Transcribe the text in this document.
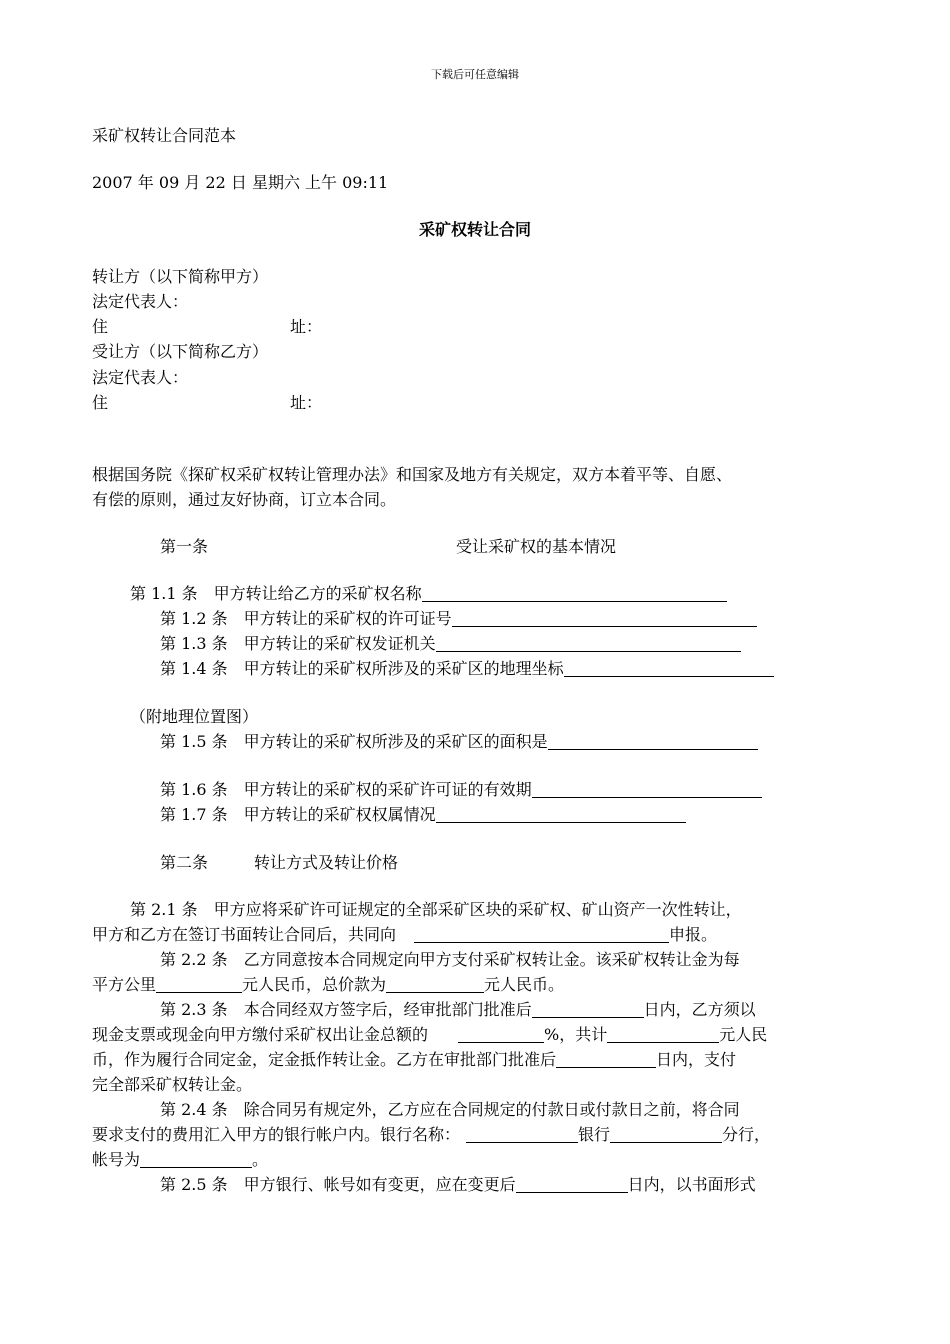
下载后可任意编辑
采矿权转让合同范本
2007 年 09 月 22 日 星期六 上午 09:11
采矿权转让合同
转让方（以下简称甲方）
法定代表人：
住	址：
受让方（以下简称乙方）
法定代表人：
住	址：
根据国务院《探矿权采矿权转让管理办法》和国家及地方有关规定，双方本着平等、自愿、
有偿的原则，通过友好协商，订立本合同。
第一条	受让采矿权的基本情况
第 1.1 条　甲方转让给乙方的采矿权名称
第 1.2 条　甲方转让的采矿权的许可证号
第 1.3 条　甲方转让的采矿权发证机关
第 1.4 条　甲方转让的采矿权所涉及的采矿区的地理坐标
（附地理位置图）
第 1.5 条　甲方转让的采矿权所涉及的采矿区的面积是
第 1.6 条　甲方转让的采矿权的采矿许可证的有效期
第 1.7 条　甲方转让的采矿权权属情况
第二条	转让方式及转让价格
第 2.1 条　甲方应将采矿许可证规定的全部采矿区块的采矿权、矿山资产一次性转让，
甲方和乙方在签订书面转让合同后，共同向	申报。
第 2.2 条　乙方同意按本合同规定向甲方支付采矿权转让金。该采矿权转让金为每
平方公里	元人民币，总价款为	元人民币。
第 2.3 条　本合同经双方签字后，经审批部门批准后	日内，乙方须以
现金支票或现金向甲方缴付采矿权出让金总额的	%，共计	元人民
币，作为履行合同定金，定金抵作转让金。乙方在审批部门批准后	日内，支付
完全部采矿权转让金。
第 2.4 条　除合同另有规定外，乙方应在合同规定的付款日或付款日之前，将合同
要求支付的费用汇入甲方的银行帐户内。银行名称：	银行	分行，
帐号为	。
第 2.5 条　甲方银行、帐号如有变更，应在变更后	日内，以书面形式
